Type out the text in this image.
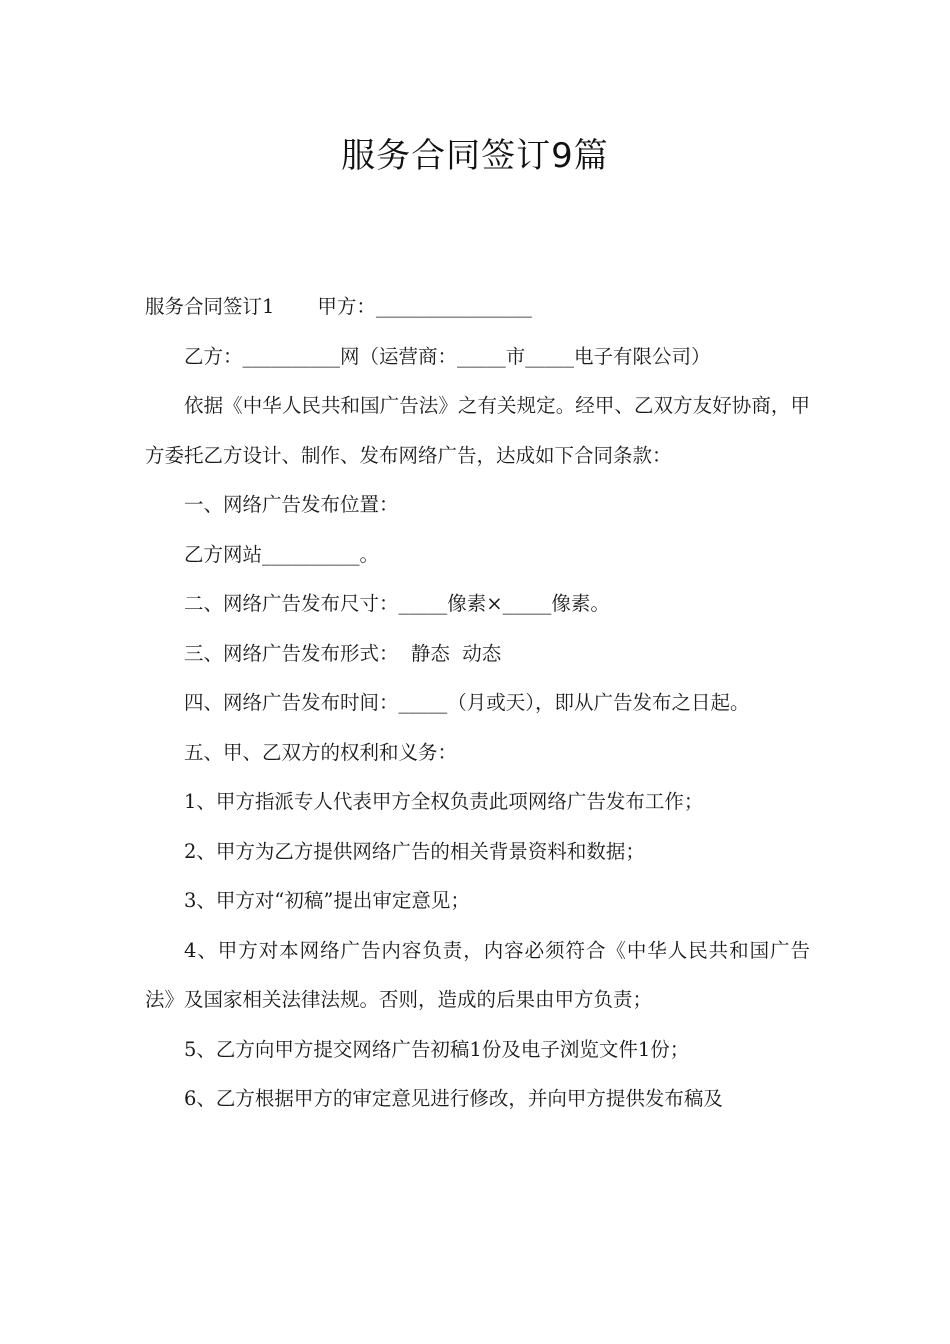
服务合同签订9篇

服务合同签订1 甲方：________________

乙方：__________网（运营商：_____市_____电子有限公司）

依据《中华人民共和国广告法》之有关规定。经甲、乙双方友好协商，甲方委托乙方设计、制作、发布网络广告，达成如下合同条款：

一、网络广告发布位置：

乙方网站__________。

二、网络广告发布尺寸：_____像素×_____像素。

三、网络广告发布形式：  静态  动态

四、网络广告发布时间：_____（月或天），即从广告发布之日起。

五、甲、乙双方的权利和义务：

1、甲方指派专人代表甲方全权负责此项网络广告发布工作；

2、甲方为乙方提供网络广告的相关背景资料和数据；

3、甲方对“初稿”提出审定意见；

4、甲方对本网络广告内容负责，内容必须符合《中华人民共和国广告法》及国家相关法律法规。否则，造成的后果由甲方负责；

5、乙方向甲方提交网络广告初稿1份及电子浏览文件1份；

6、乙方根据甲方的审定意见进行修改，并向甲方提供发布稿及
